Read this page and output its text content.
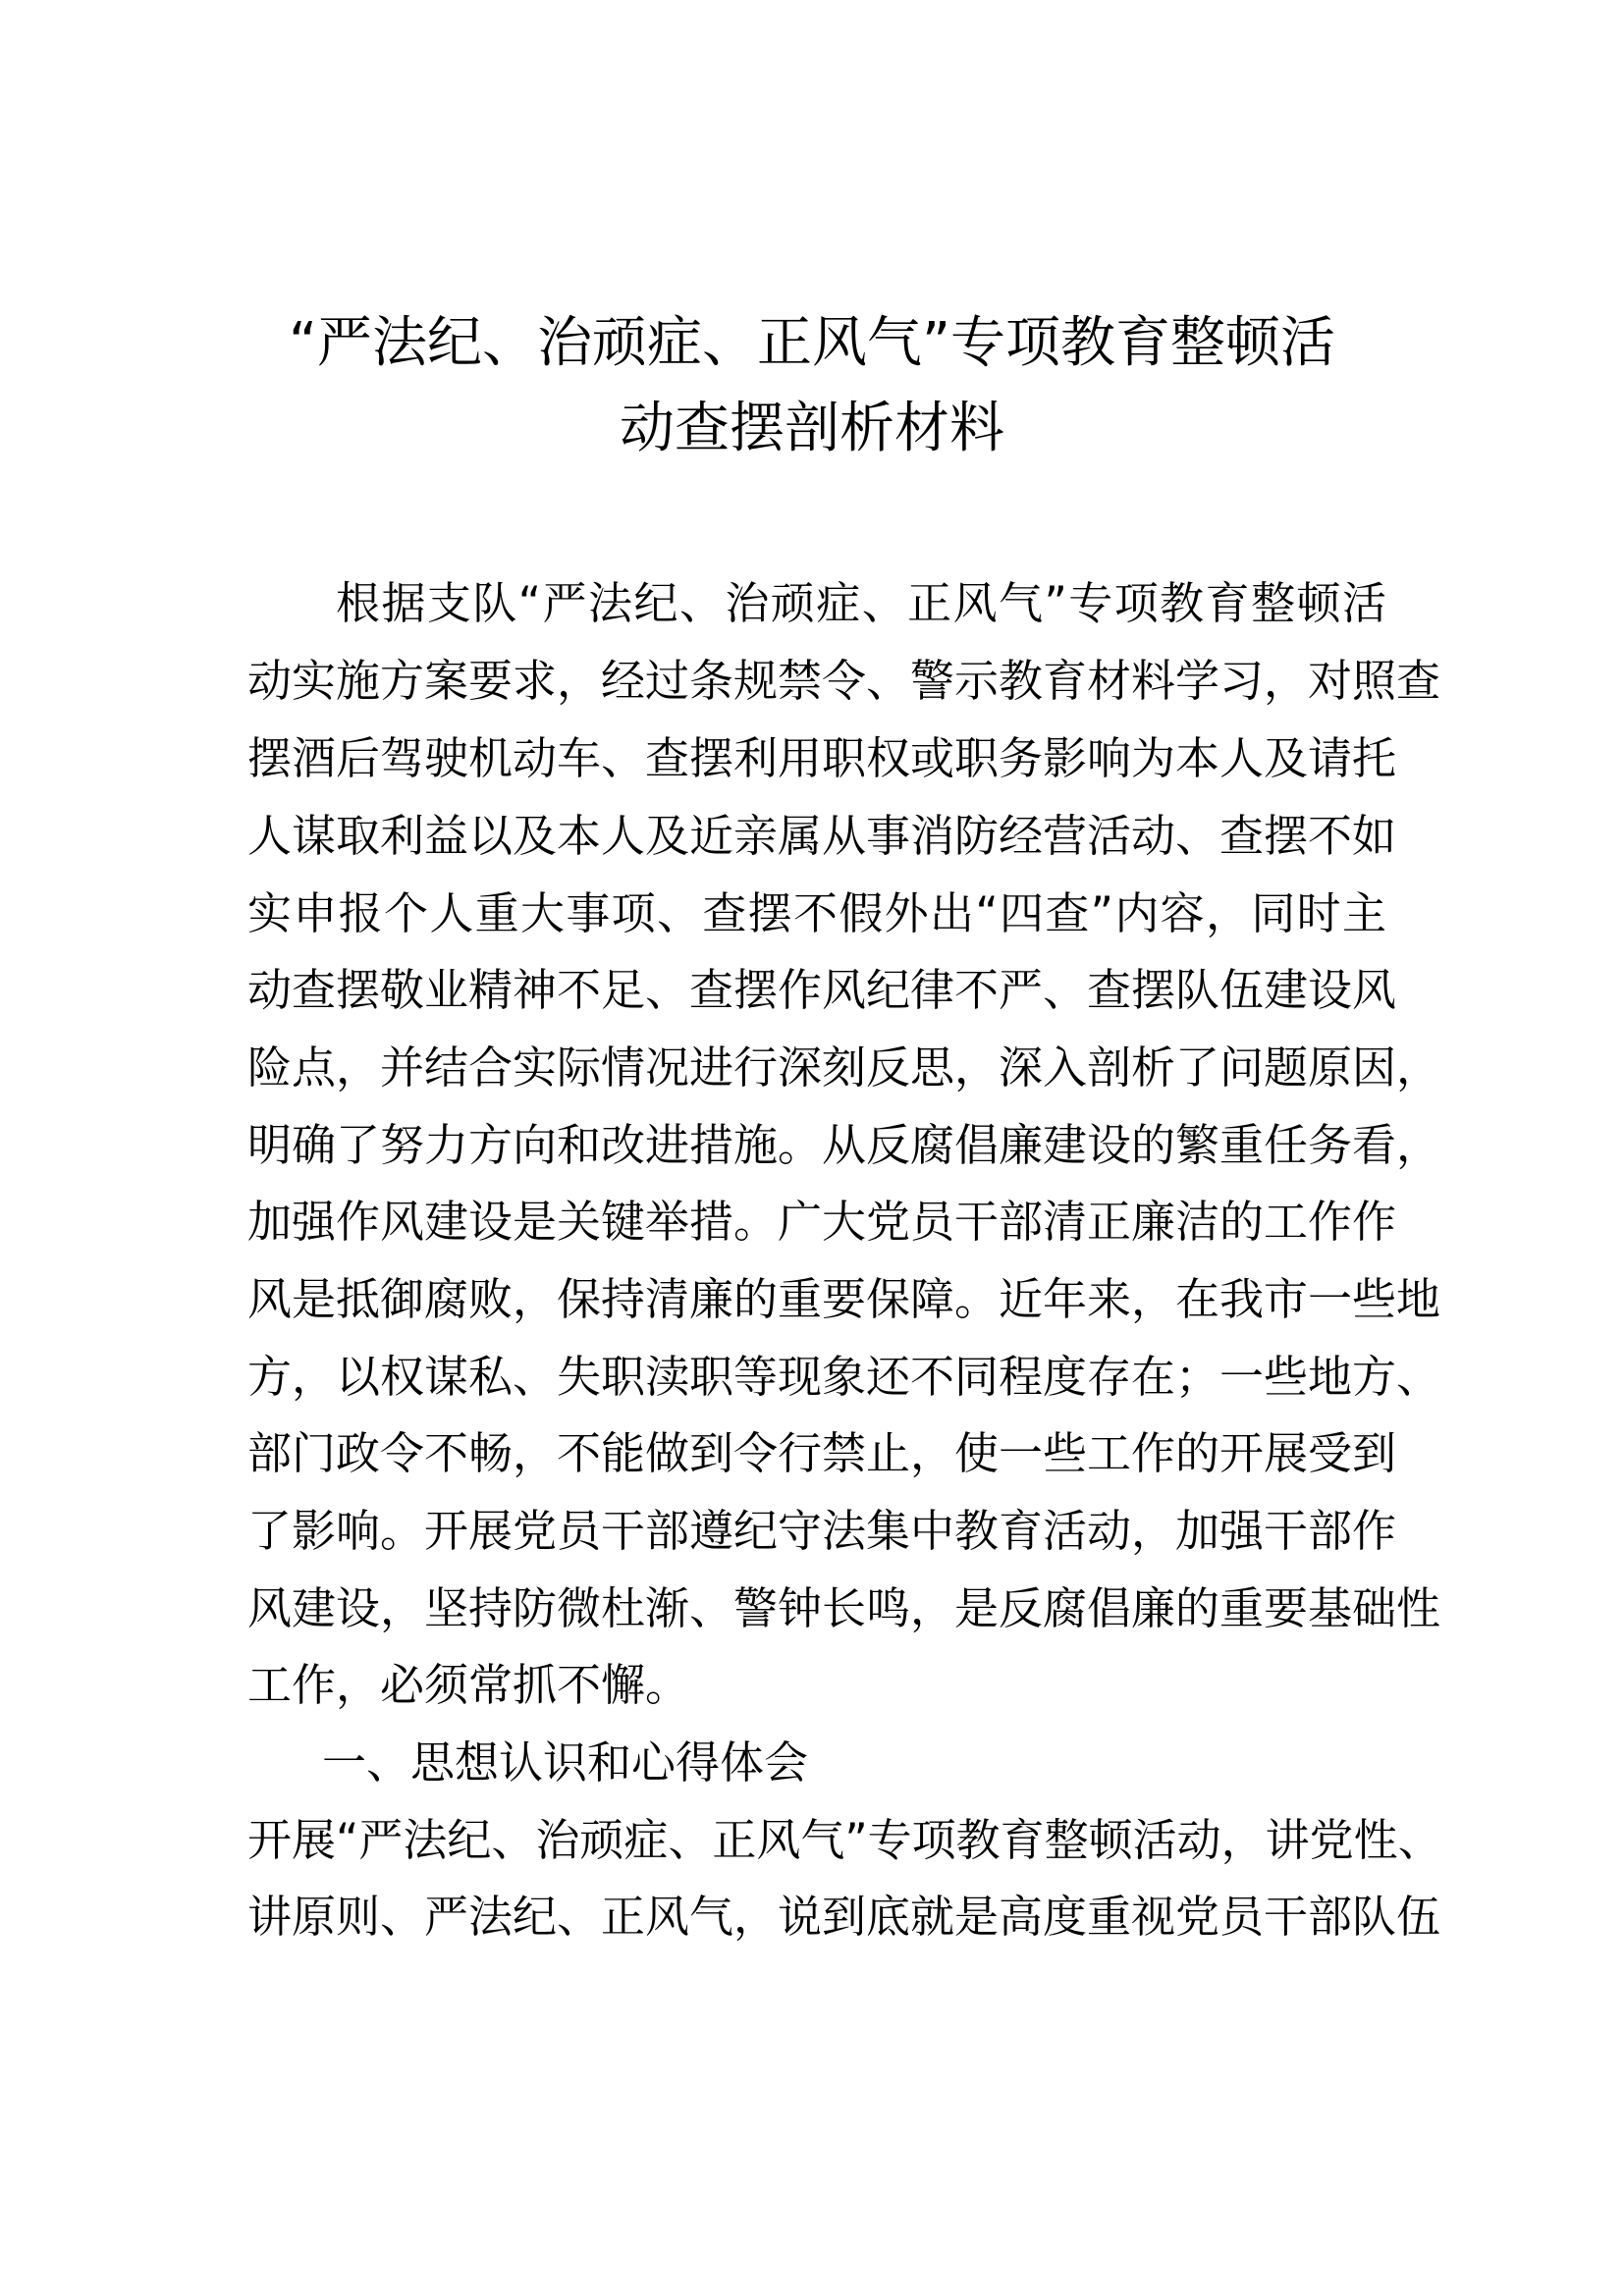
“严法纪、治顽症、正风气”专项教育整顿活
动查摆剖析材料
根据支队“严法纪、治顽症、正风气”专项教育整顿活
动实施方案要求，经过条规禁令、警示教育材料学习，对照查
摆酒后驾驶机动车、查摆利用职权或职务影响为本人及请托
人谋取利益以及本人及近亲属从事消防经营活动、查摆不如
实申报个人重大事项、查摆不假外出“四查”内容，同时主
动查摆敬业精神不足、查摆作风纪律不严、查摆队伍建设风
险点，并结合实际情况进行深刻反思，深入剖析了问题原因，
明确了努力方向和改进措施。从反腐倡廉建设的繁重任务看，
加强作风建设是关键举措。广大党员干部清正廉洁的工作作
风是抵御腐败，保持清廉的重要保障。近年来，在我市一些地
方，以权谋私、失职渎职等现象还不同程度存在；一些地方、
部门政令不畅，不能做到令行禁止，使一些工作的开展受到
了影响。开展党员干部遵纪守法集中教育活动，加强干部作
风建设，坚持防微杜渐、警钟长鸣，是反腐倡廉的重要基础性
工作，必须常抓不懈。
一、思想认识和心得体会
开展“严法纪、治顽症、正风气”专项教育整顿活动，讲党性、
讲原则、严法纪、正风气，说到底就是高度重视党员干部队伍
